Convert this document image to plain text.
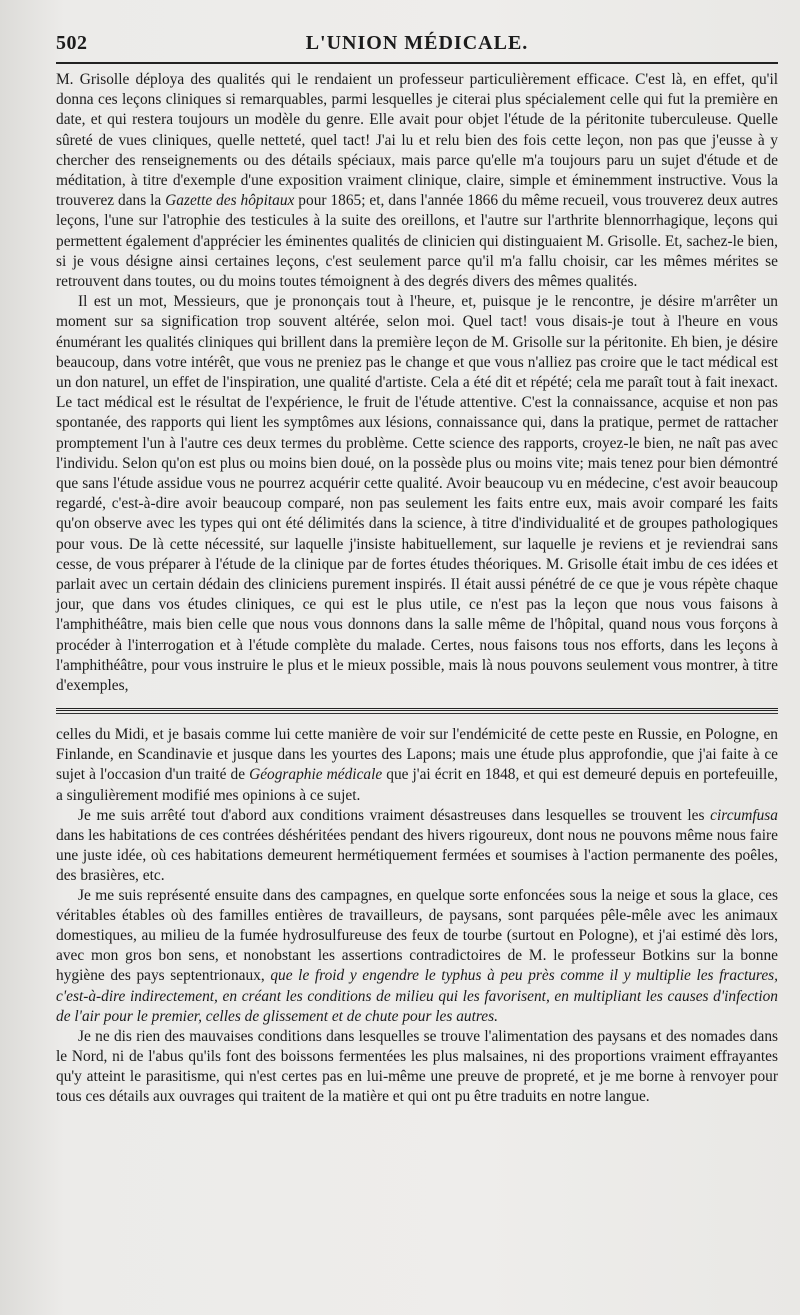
502	L'UNION MÉDICALE.

M. Grisolle déploya des qualités qui le rendaient un professeur particulièrement efficace. C'est là, en effet, qu'il donna ces leçons cliniques si remarquables, parmi lesquelles je citerai plus spécialement celle qui fut la première en date, et qui restera toujours un modèle du genre. Elle avait pour objet l'étude de la péritonite tuberculeuse. Quelle sûreté de vues cliniques, quelle netteté, quel tact! J'ai lu et relu bien des fois cette leçon, non pas que j'eusse à y chercher des renseignements ou des détails spéciaux, mais parce qu'elle m'a toujours paru un sujet d'étude et de méditation, à titre d'exemple d'une exposition vraiment clinique, claire, simple et éminemment instructive. Vous la trouverez dans la Gazette des hôpitaux pour 1865; et, dans l'année 1866 du même recueil, vous trouverez deux autres leçons, l'une sur l'atrophie des testicules à la suite des oreillons, et l'autre sur l'arthrite blennorrhagique, leçons qui permettent également d'apprécier les éminentes qualités de clinicien qui distinguaient M. Grisolle. Et, sachez-le bien, si je vous désigne ainsi certaines leçons, c'est seulement parce qu'il m'a fallu choisir, car les mêmes mérites se retrouvent dans toutes, ou du moins toutes témoignent à des degrés divers des mêmes qualités.

Il est un mot, Messieurs, que je prononçais tout à l'heure, et, puisque je le rencontre, je désire m'arrêter un moment sur sa signification trop souvent altérée, selon moi. Quel tact! vous disais-je tout à l'heure en vous énumérant les qualités cliniques qui brillent dans la première leçon de M. Grisolle sur la péritonite. Eh bien, je désire beaucoup, dans votre intérêt, que vous ne preniez pas le change et que vous n'alliez pas croire que le tact médical est un don naturel, un effet de l'inspiration, une qualité d'artiste. Cela a été dit et répété; cela me paraît tout à fait inexact. Le tact médical est le résultat de l'expérience, le fruit de l'étude attentive. C'est la connaissance, acquise et non pas spontanée, des rapports qui lient les symptômes aux lésions, connaissance qui, dans la pratique, permet de rattacher promptement l'un à l'autre ces deux termes du problème. Cette science des rapports, croyez-le bien, ne naît pas avec l'individu. Selon qu'on est plus ou moins bien doué, on la possède plus ou moins vite; mais tenez pour bien démontré que sans l'étude assidue vous ne pourrez acquérir cette qualité. Avoir beaucoup vu en médecine, c'est avoir beaucoup regardé, c'est-à-dire avoir beaucoup comparé, non pas seulement les faits entre eux, mais avoir comparé les faits qu'on observe avec les types qui ont été délimités dans la science, à titre d'individualité et de groupes pathologiques pour vous. De là cette nécessité, sur laquelle j'insiste habituellement, sur laquelle je reviens et je reviendrai sans cesse, de vous préparer à l'étude de la clinique par de fortes études théoriques. M. Grisolle était imbu de ces idées et parlait avec un certain dédain des cliniciens purement inspirés. Il était aussi pénétré de ce que je vous répète chaque jour, que dans vos études cliniques, ce qui est le plus utile, ce n'est pas la leçon que nous vous faisons à l'amphithéâtre, mais bien celle que nous vous donnons dans la salle même de l'hôpital, quand nous vous forçons à procéder à l'interrogation et à l'étude complète du malade. Certes, nous faisons tous nos efforts, dans les leçons à l'amphithéâtre, pour vous instruire le plus et le mieux possible, mais là nous pouvons seulement vous montrer, à titre d'exemples,

celles du Midi, et je basais comme lui cette manière de voir sur l'endémicité de cette peste en Russie, en Pologne, en Finlande, en Scandinavie et jusque dans les yourtes des Lapons; mais une étude plus approfondie, que j'ai faite à ce sujet à l'occasion d'un traité de Géographie médicale que j'ai écrit en 1848, et qui est demeuré depuis en portefeuille, a singulièrement modifié mes opinions à ce sujet.

Je me suis arrêté tout d'abord aux conditions vraiment désastreuses dans lesquelles se trouvent les circumfusa dans les habitations de ces contrées déshéritées pendant des hivers rigoureux, dont nous ne pouvons même nous faire une juste idée, où ces habitations demeurent hermétiquement fermées et soumises à l'action permanente des poêles, des brasières, etc.

Je me suis représenté ensuite dans des campagnes, en quelque sorte enfoncées sous la neige et sous la glace, ces véritables étables où des familles entières de travailleurs, de paysans, sont parquées pêle-mêle avec les animaux domestiques, au milieu de la fumée hydrosulfureuse des feux de tourbe (surtout en Pologne), et j'ai estimé dès lors, avec mon gros bon sens, et nonobstant les assertions contradictoires de M. le professeur Botkins sur la bonne hygiène des pays septentrionaux, que le froid y engendre le typhus à peu près comme il y multiplie les fractures, c'est-à-dire indirectement, en créant les conditions de milieu qui les favorisent, en multipliant les causes d'infection de l'air pour le premier, celles de glissement et de chute pour les autres.

Je ne dis rien des mauvaises conditions dans lesquelles se trouve l'alimentation des paysans et des nomades dans le Nord, ni de l'abus qu'ils font des boissons fermentées les plus malsaines, ni des proportions vraiment effrayantes qu'y atteint le parasitisme, qui n'est certes pas en lui-même une preuve de propreté, et je me borne à renvoyer pour tous ces détails aux ouvrages qui traitent de la matière et qui ont pu être traduits en notre langue.
